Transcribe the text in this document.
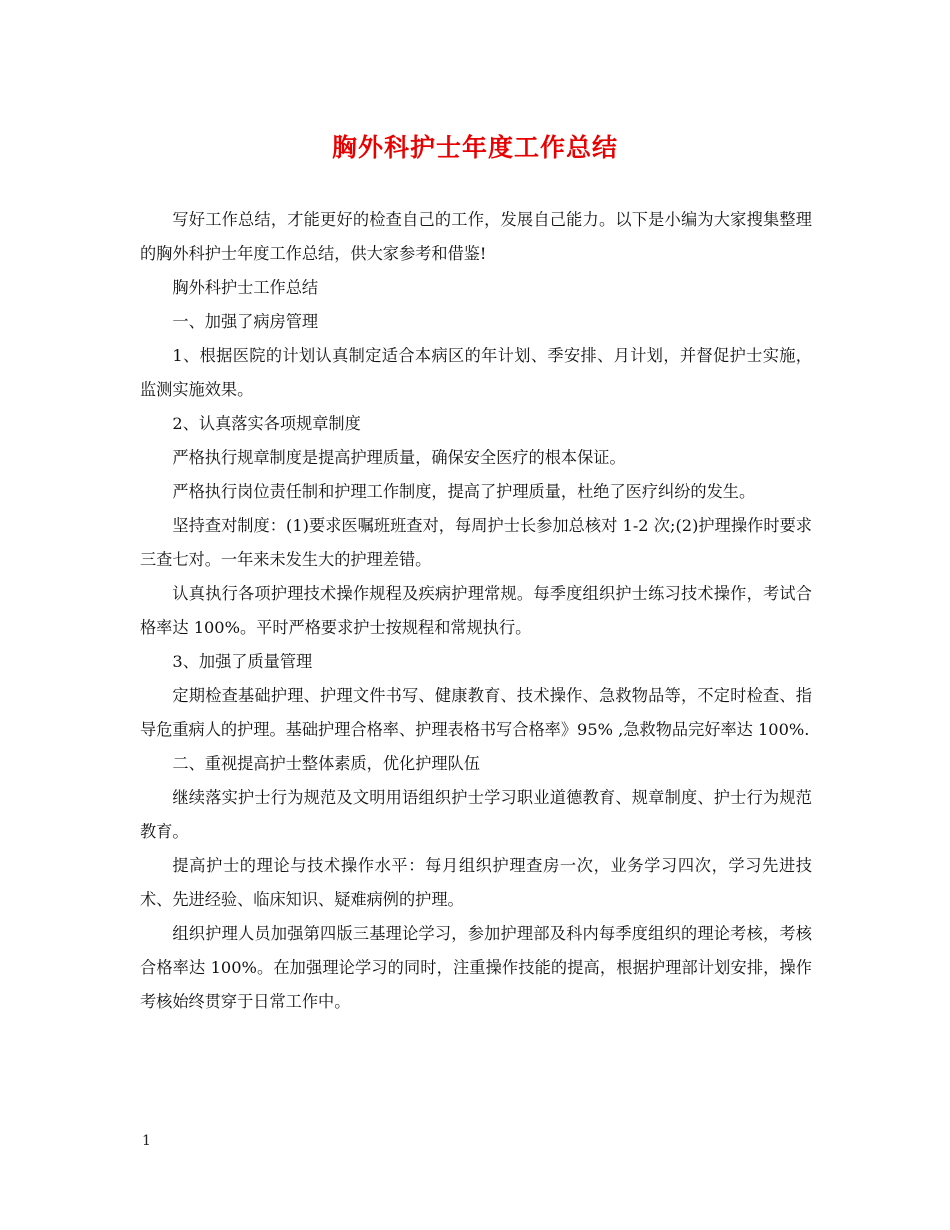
胸外科护士年度工作总结

写好工作总结，才能更好的检查自己的工作，发展自己能力。以下是小编为大家搜集整理的胸外科护士年度工作总结，供大家参考和借鉴!

胸外科护士工作总结

一、加强了病房管理

1、根据医院的计划认真制定适合本病区的年计划、季安排、月计划，并督促护士实施，监测实施效果。

2、认真落实各项规章制度

严格执行规章制度是提高护理质量，确保安全医疗的根本保证。

严格执行岗位责任制和护理工作制度，提高了护理质量，杜绝了医疗纠纷的发生。

坚持查对制度：(1)要求医嘱班班查对，每周护士长参加总核对 1-2 次;(2)护理操作时要求三查七对。一年来未发生大的护理差错。

认真执行各项护理技术操作规程及疾病护理常规。每季度组织护士练习技术操作，考试合格率达 100%。平时严格要求护士按规程和常规执行。

3、加强了质量管理

定期检查基础护理、护理文件书写、健康教育、技术操作、急救物品等，不定时检查、指导危重病人的护理。基础护理合格率、护理表格书写合格率》95% ,急救物品完好率达 100%.

二、重视提高护士整体素质，优化护理队伍

继续落实护士行为规范及文明用语组织护士学习职业道德教育、规章制度、护士行为规范教育。

提高护士的理论与技术操作水平：每月组织护理查房一次，业务学习四次，学习先进技术、先进经验、临床知识、疑难病例的护理。

组织护理人员加强第四版三基理论学习，参加护理部及科内每季度组织的理论考核，考核合格率达 100%。在加强理论学习的同时，注重操作技能的提高，根据护理部计划安排，操作考核始终贯穿于日常工作中。

1
